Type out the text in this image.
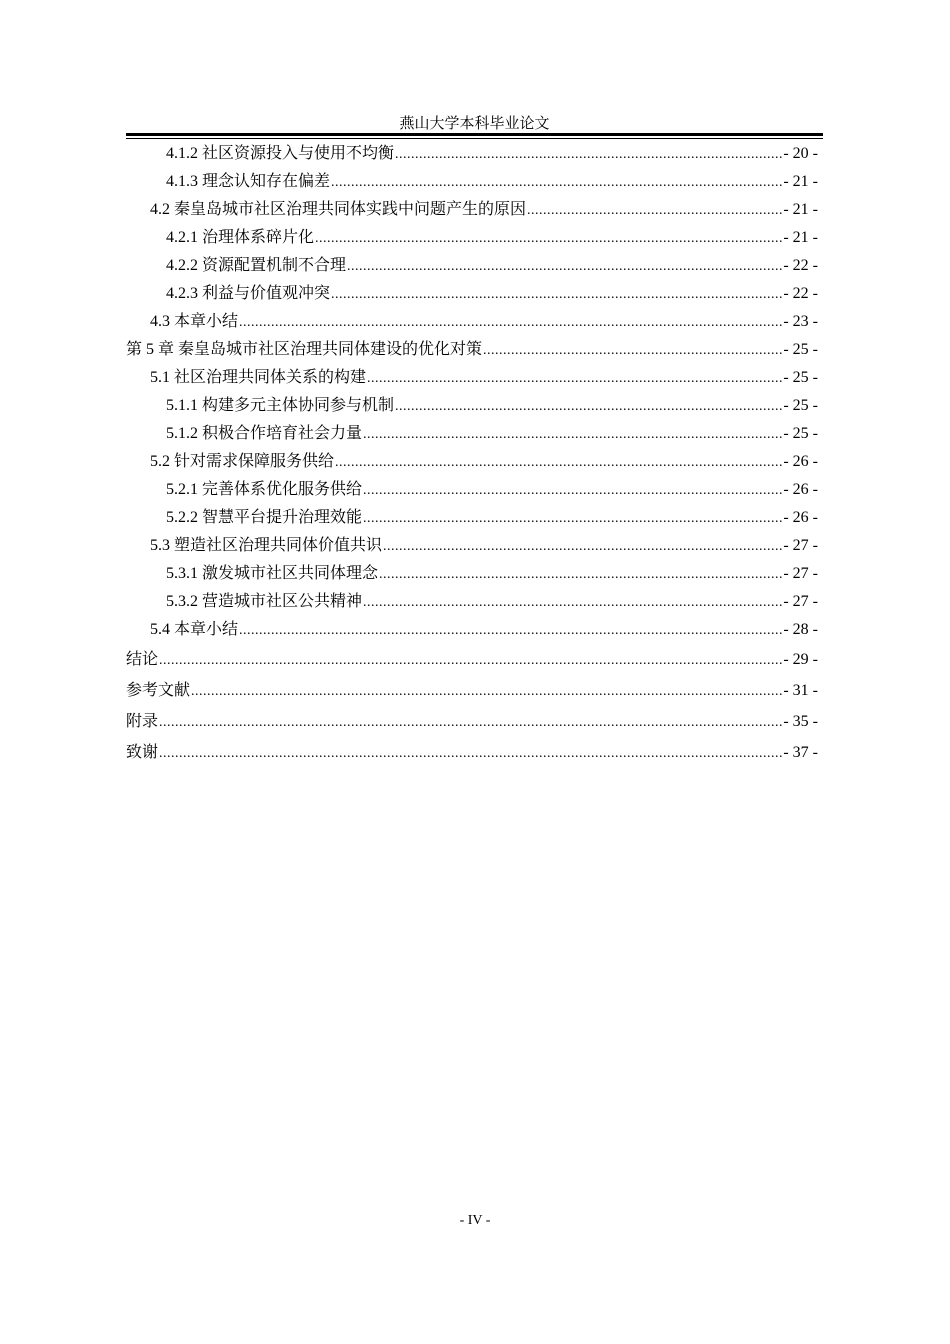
燕山大学本科毕业论文
4.1.2 社区资源投入与使用不均衡 .....	- 20 -
4.1.3 理念认知存在偏差 .....	- 21 -
4.2 秦皇岛城市社区治理共同体实践中问题产生的原因 .....	- 21 -
4.2.1 治理体系碎片化 .....	- 21 -
4.2.2 资源配置机制不合理 .....	- 22 -
4.2.3 利益与价值观冲突 .....	- 22 -
4.3 本章小结 .....	- 23 -
第 5 章 秦皇岛城市社区治理共同体建设的优化对策 .....	- 25 -
5.1 社区治理共同体关系的构建 .....	- 25 -
5.1.1 构建多元主体协同参与机制 .....	- 25 -
5.1.2 积极合作培育社会力量 .....	- 25 -
5.2 针对需求保障服务供给 .....	- 26 -
5.2.1 完善体系优化服务供给 .....	- 26 -
5.2.2 智慧平台提升治理效能 .....	- 26 -
5.3 塑造社区治理共同体价值共识 .....	- 27 -
5.3.1 激发城市社区共同体理念 .....	- 27 -
5.3.2 营造城市社区公共精神 .....	- 27 -
5.4 本章小结 .....	- 28 -
结论 .....	- 29 -
参考文献 .....	- 31 -
附录 .....	- 35 -
致谢 .....	- 37 -
- IV -
